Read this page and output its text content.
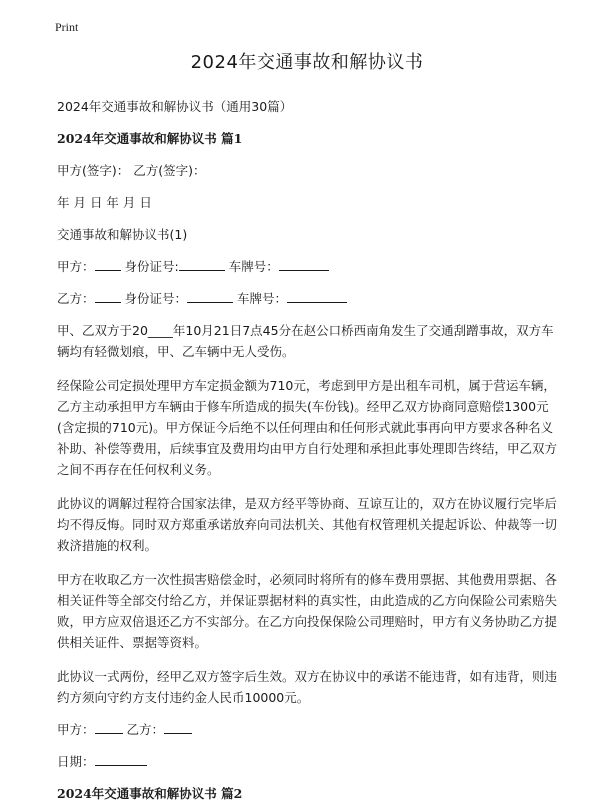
Print
2024年交通事故和解协议书

2024年交通事故和解协议书（通用30篇）

2024年交通事故和解协议书 篇1

甲方(签字)： 乙方(签字)：

年 月 日 年 月 日

交通事故和解协议书(1)

甲方： 身份证号:	车牌号：

乙方： 身份证号：	车牌号：

甲、乙双方于20____年10月21日7点45分在赵公口桥西南角发生了交通刮蹭事故，双方车辆均有轻微划痕，甲、乙车辆中无人受伤。

经保险公司定损处理甲方车定损金额为710元，考虑到甲方是出租车司机，属于营运车辆，乙方主动承担甲方车辆由于修车所造成的损失(车份钱)。经甲乙双方协商同意赔偿1300元(含定损的710元)。甲方保证今后绝不以任何理由和任何形式就此事再向甲方要求各种名义补助、补偿等费用，后续事宜及费用均由甲方自行处理和承担此事处理即告终结，甲乙双方之间不再存在任何权利义务。

此协议的调解过程符合国家法律，是双方经平等协商、互谅互让的，双方在协议履行完毕后均不得反悔。同时双方郑重承诺放弃向司法机关、其他有权管理机关提起诉讼、仲裁等一切救济措施的权利。

甲方在收取乙方一次性损害赔偿金时，必须同时将所有的修车费用票据、其他费用票据、各相关证件等全部交付给乙方，并保证票据材料的真实性，由此造成的乙方向保险公司索赔失败，甲方应双倍退还乙方不实部分。在乙方向投保保险公司理赔时，甲方有义务协助乙方提供相关证件、票据等资料。

此协议一式两份，经甲乙双方签字后生效。双方在协议中的承诺不能违背，如有违背，则违约方须向守约方支付违约金人民币10000元。

甲方：	乙方：

日期：

2024年交通事故和解协议书 篇2
